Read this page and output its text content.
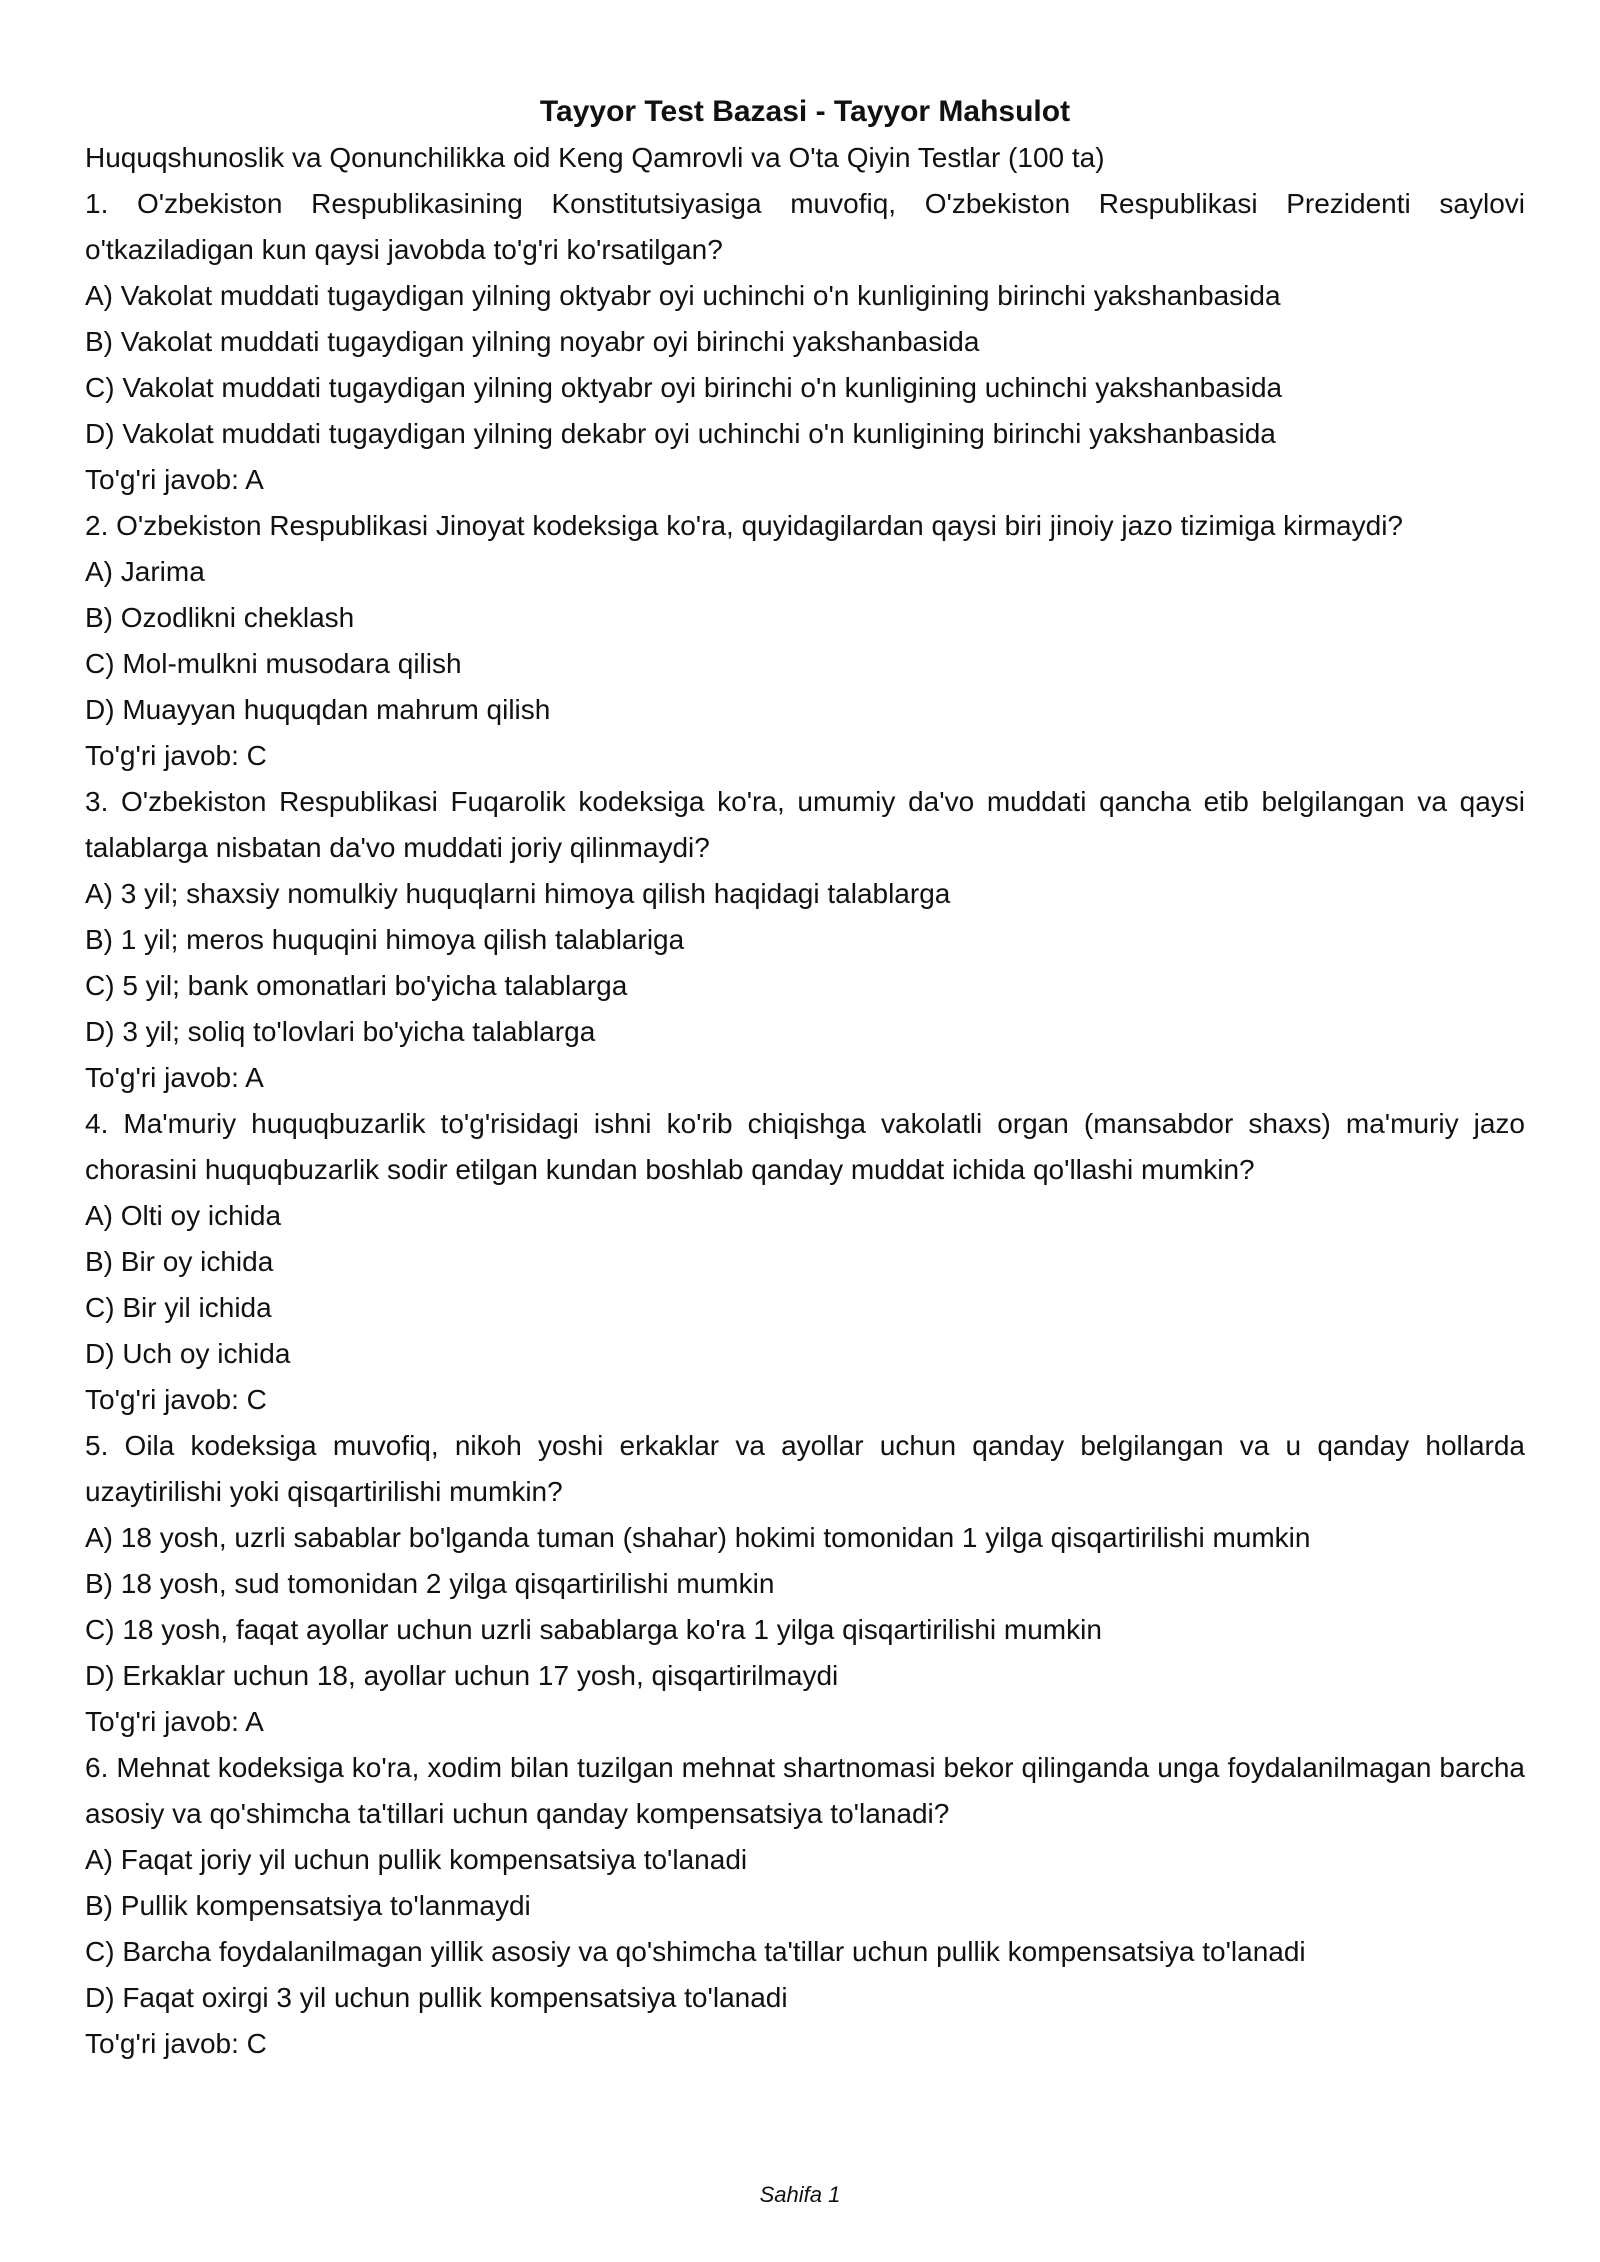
Tayyor Test Bazasi - Tayyor Mahsulot

Huquqshunoslik va Qonunchilikka oid Keng Qamrovli va O'ta Qiyin Testlar (100 ta)

1. O'zbekiston Respublikasining Konstitutsiyasiga muvofiq, O'zbekiston Respublikasi Prezidenti saylovi o'tkaziladigan kun qaysi javobda to'g'ri ko'rsatilgan?

A) Vakolat muddati tugaydigan yilning oktyabr oyi uchinchi o'n kunligining birinchi yakshanbasida

B) Vakolat muddati tugaydigan yilning noyabr oyi birinchi yakshanbasida

C) Vakolat muddati tugaydigan yilning oktyabr oyi birinchi o'n kunligining uchinchi yakshanbasida

D) Vakolat muddati tugaydigan yilning dekabr oyi uchinchi o'n kunligining birinchi yakshanbasida

To'g'ri javob: A

2. O'zbekiston Respublikasi Jinoyat kodeksiga ko'ra, quyidagilardan qaysi biri jinoiy jazo tizimiga kirmaydi?

A) Jarima

B) Ozodlikni cheklash

C) Mol-mulkni musodara qilish

D) Muayyan huquqdan mahrum qilish

To'g'ri javob: C

3. O'zbekiston Respublikasi Fuqarolik kodeksiga ko'ra, umumiy da'vo muddati qancha etib belgilangan va qaysi talablarga nisbatan da'vo muddati joriy qilinmaydi?

A) 3 yil; shaxsiy nomulkiy huquqlarni himoya qilish haqidagi talablarga

B) 1 yil; meros huquqini himoya qilish talablariga

C) 5 yil; bank omonatlari bo'yicha talablarga

D) 3 yil; soliq to'lovlari bo'yicha talablarga

To'g'ri javob: A

4. Ma'muriy huquqbuzarlik to'g'risidagi ishni ko'rib chiqishga vakolatli organ (mansabdor shaxs) ma'muriy jazo chorasini huquqbuzarlik sodir etilgan kundan boshlab qanday muddat ichida qo'llashi mumkin?

A) Olti oy ichida

B) Bir oy ichida

C) Bir yil ichida

D) Uch oy ichida

To'g'ri javob: C

5. Oila kodeksiga muvofiq, nikoh yoshi erkaklar va ayollar uchun qanday belgilangan va u qanday hollarda uzaytirilishi yoki qisqartirilishi mumkin?

A) 18 yosh, uzrli sabablar bo'lganda tuman (shahar) hokimi tomonidan 1 yilga qisqartirilishi mumkin

B) 18 yosh, sud tomonidan 2 yilga qisqartirilishi mumkin

C) 18 yosh, faqat ayollar uchun uzrli sabablarga ko'ra 1 yilga qisqartirilishi mumkin

D) Erkaklar uchun 18, ayollar uchun 17 yosh, qisqartirilmaydi

To'g'ri javob: A

6. Mehnat kodeksiga ko'ra, xodim bilan tuzilgan mehnat shartnomasi bekor qilinganda unga foydalanilmagan barcha asosiy va qo'shimcha ta'tillari uchun qanday kompensatsiya to'lanadi?

A) Faqat joriy yil uchun pullik kompensatsiya to'lanadi

B) Pullik kompensatsiya to'lanmaydi

C) Barcha foydalanilmagan yillik asosiy va qo'shimcha ta'tillar uchun pullik kompensatsiya to'lanadi

D) Faqat oxirgi 3 yil uchun pullik kompensatsiya to'lanadi

To'g'ri javob: C

Sahifa 1
